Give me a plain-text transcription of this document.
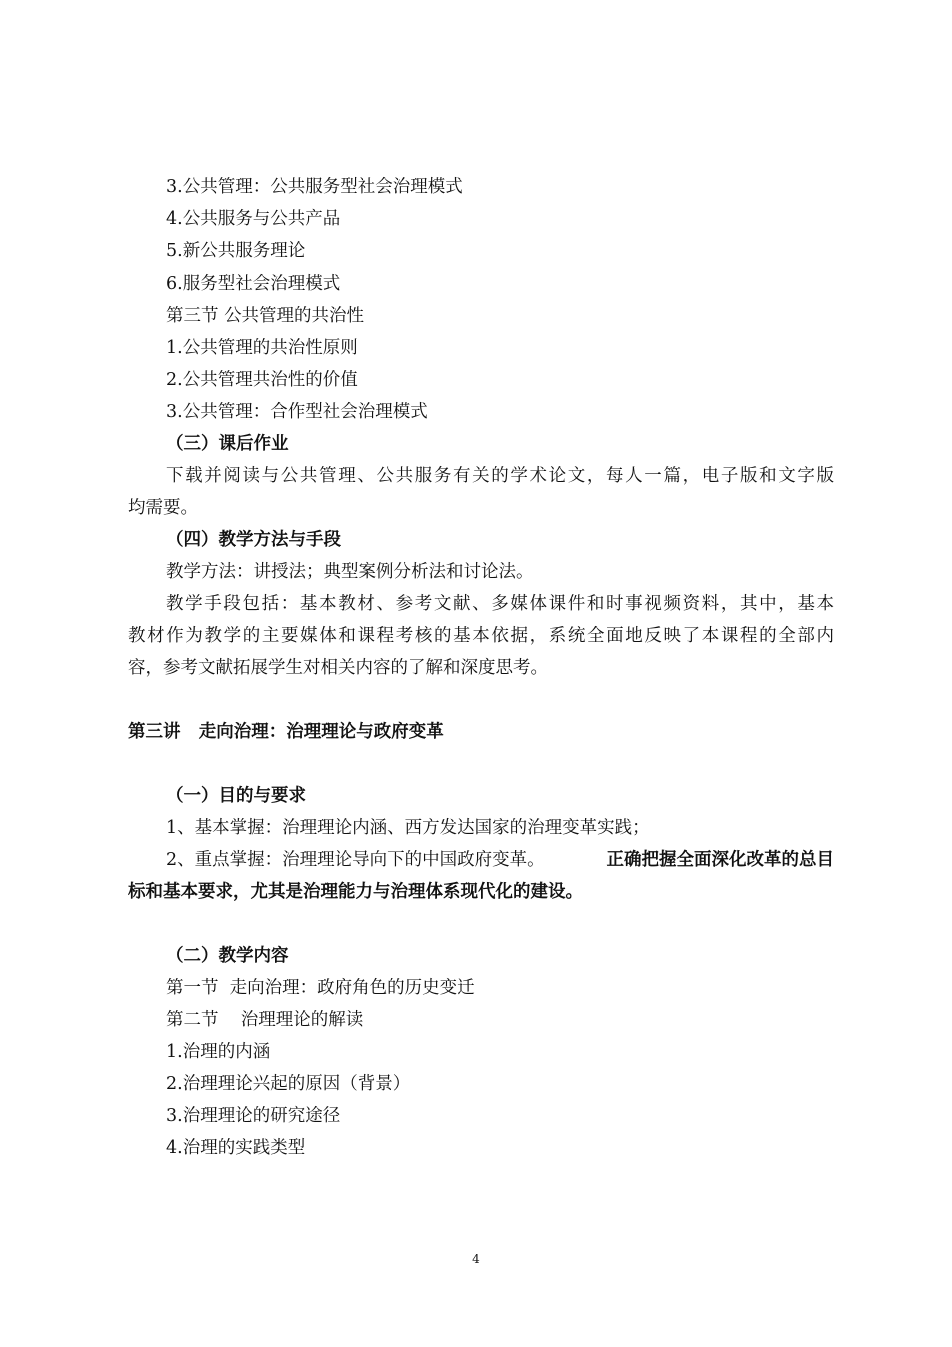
3.公共管理：公共服务型社会治理模式
4.公共服务与公共产品
5.新公共服务理论
6.服务型社会治理模式
第三节 公共管理的共治性
1.公共管理的共治性原则
2.公共管理共治性的价值
3.公共管理：合作型社会治理模式
（三）课后作业
下载并阅读与公共管理、公共服务有关的学术论文，每人一篇，电子版和文字版
均需要。
（四）教学方法与手段
教学方法：讲授法；典型案例分析法和讨论法。
教学手段包括：基本教材、参考文献、多媒体课件和时事视频资料，其中，基本
教材作为教学的主要媒体和课程考核的基本依据，系统全面地反映了本课程的全部内
容，参考文献拓展学生对相关内容的了解和深度思考。
第三讲   走向治理：治理理论与政府变革
（一）目的与要求
1、基本掌握：治理理论内涵、西方发达国家的治理变革实践；
2、重点掌握：治理理论导向下的中国政府变革。	正确把握全面深化改革的总目
标和基本要求，尤其是治理能力与治理体系现代化的建设。
（二）教学内容
第一节  走向治理：政府角色的历史变迁
第二节    治理理论的解读
1.治理的内涵
2.治理理论兴起的原因（背景）
3.治理理论的研究途径
4.治理的实践类型
4
